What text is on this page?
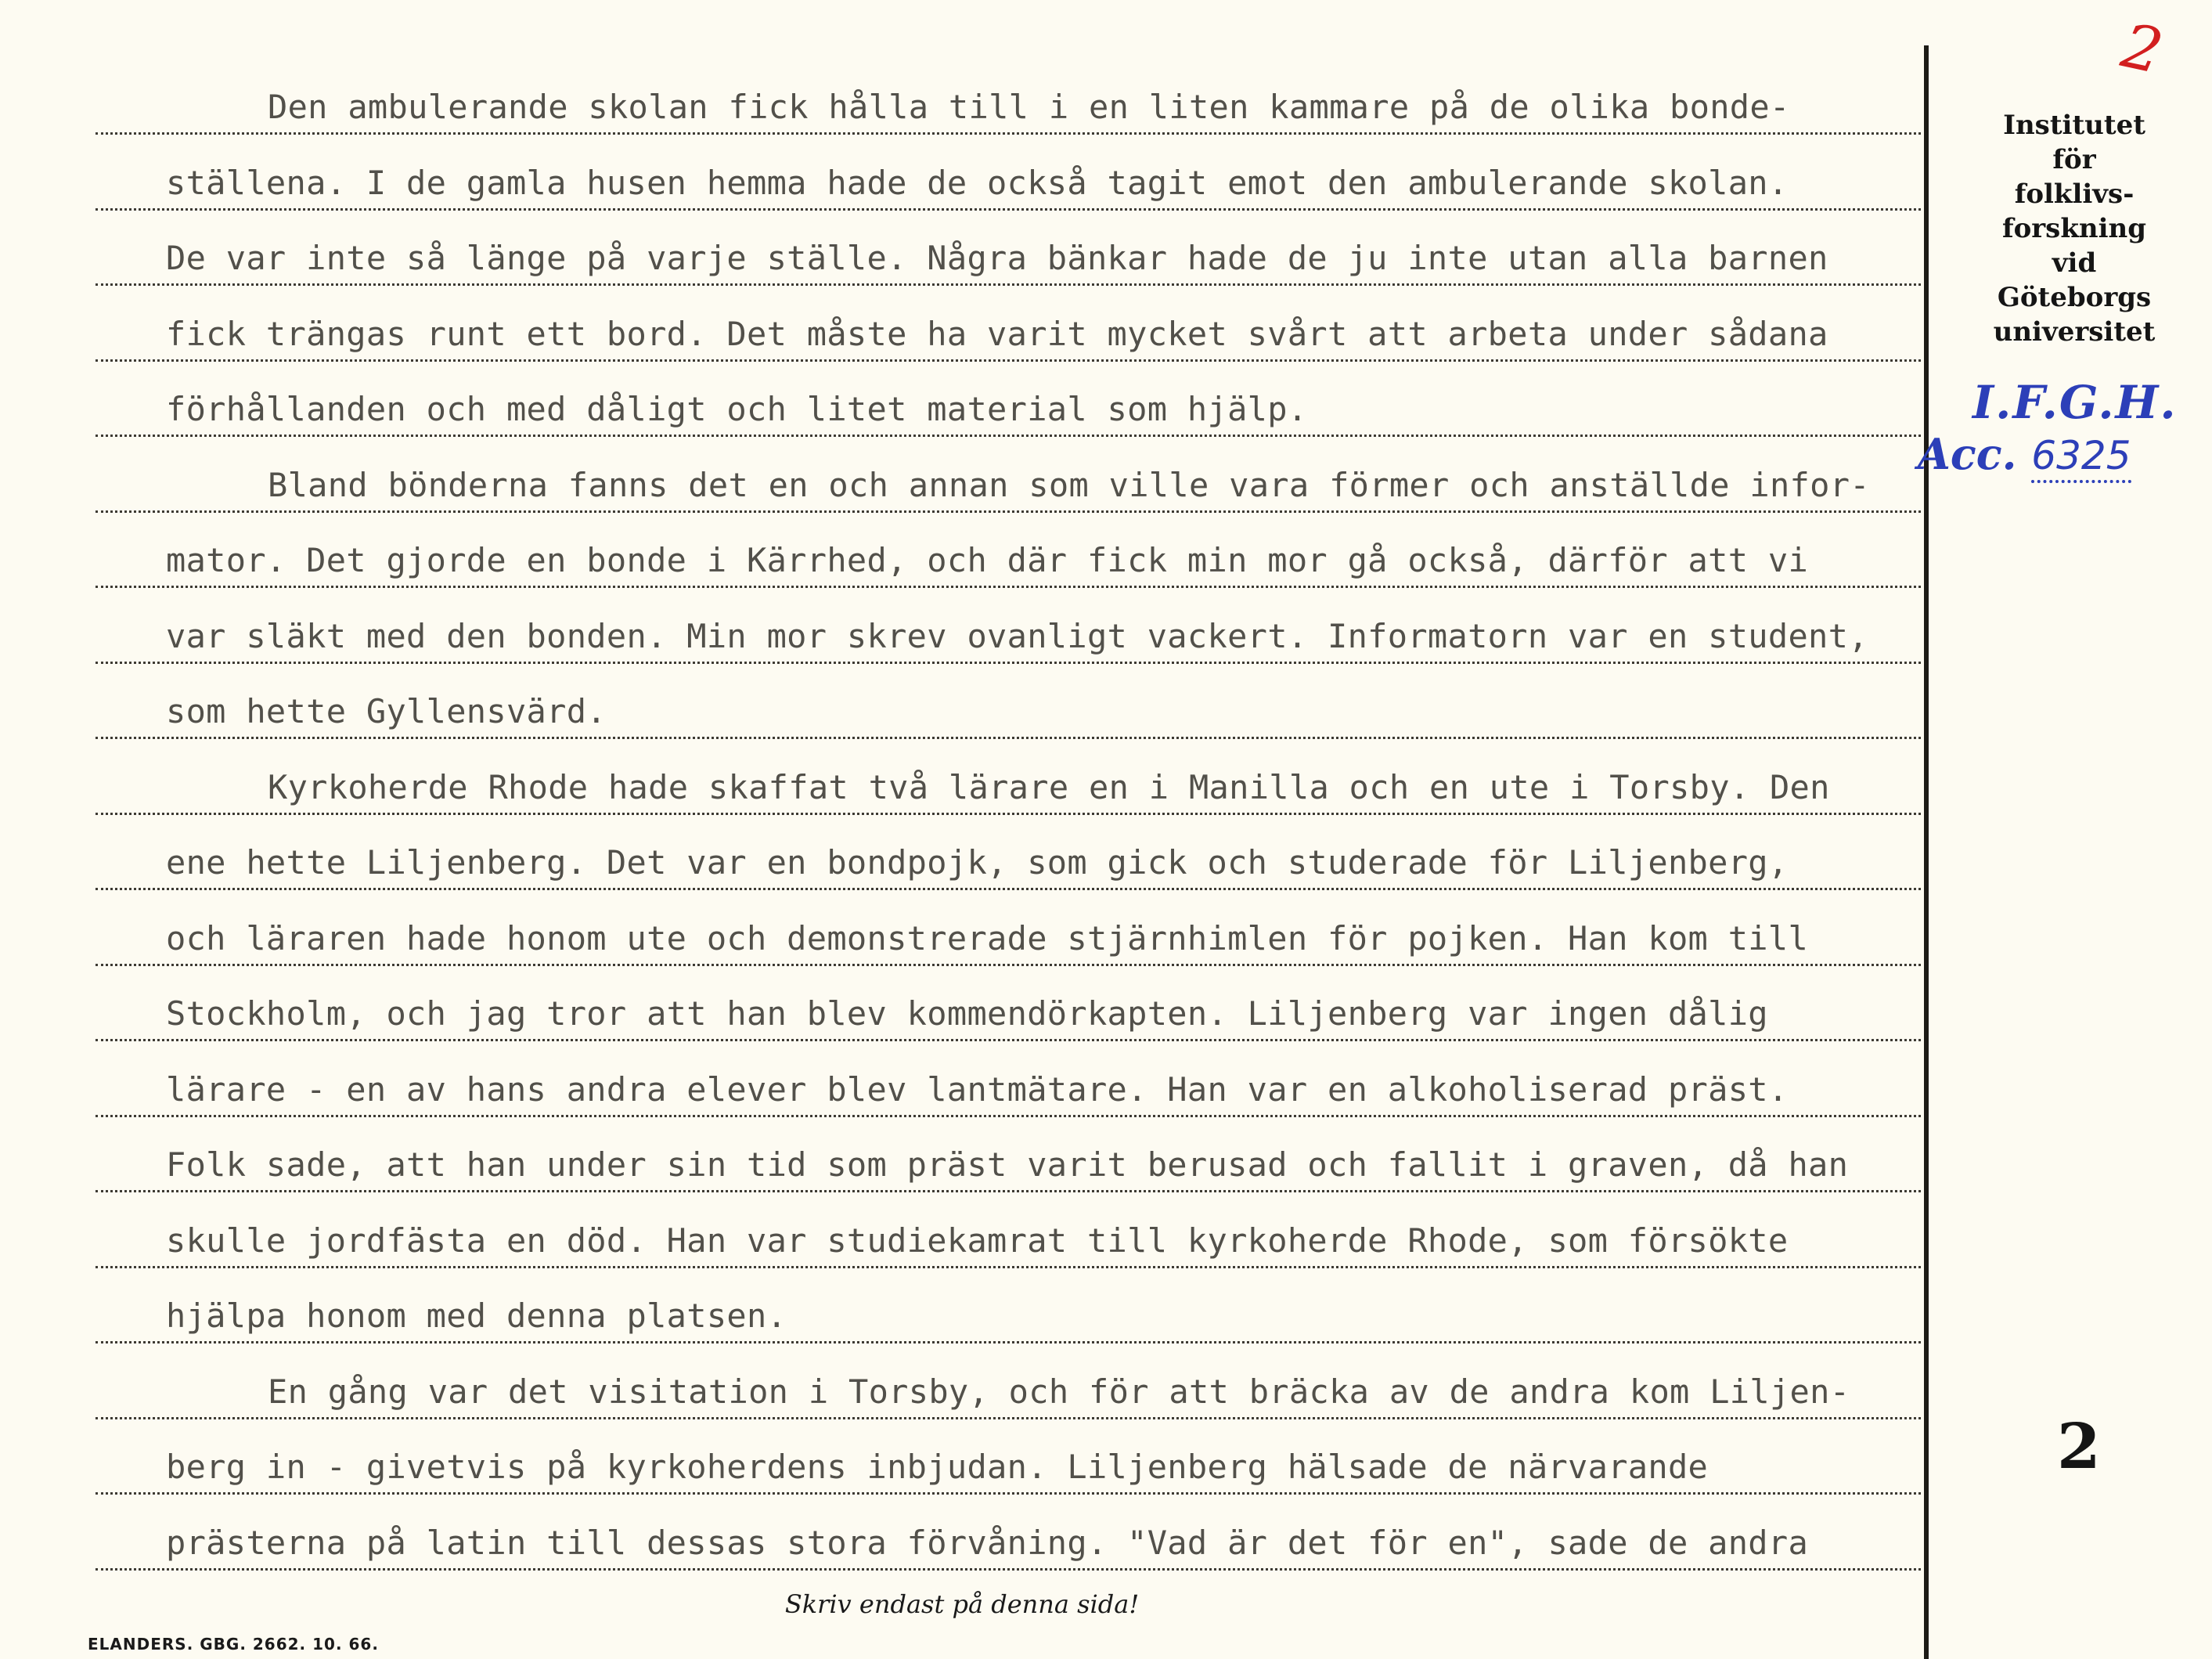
2
Den ambulerande skolan fick hålla till i en liten kammare på de olika bonde-
ställena. I de gamla husen hemma hade de också tagit emot den ambulerande skolan.
De var inte så länge på varje ställe. Några bänkar hade de ju inte utan alla barnen
fick trängas runt ett bord. Det måste ha varit mycket svårt att arbeta under sådana
förhållanden och med dåligt och litet material som hjälp.
Bland bönderna fanns det en och annan som ville vara förmer och anställde infor-
mator. Det gjorde en bonde i Kärrhed, och där fick min mor gå också, därför att vi
var släkt med den bonden. Min mor skrev ovanligt vackert. Informatorn var en student,
som hette Gyllensvärd.
Kyrkoherde Rhode hade skaffat två lärare en i Manilla och en ute i Torsby. Den
ene hette Liljenberg. Det var en bondpojk, som gick och studerade för Liljenberg,
och läraren hade honom ute och demonstrerade stjärnhimlen för pojken. Han kom till
Stockholm, och jag tror att han blev kommendörkapten. Liljenberg var ingen dålig
lärare - en av hans andra elever blev lantmätare. Han var en alkoholiserad präst.
Folk sade, att han under sin tid som präst varit berusad och fallit i graven, då han
skulle jordfästa en död. Han var studiekamrat till kyrkoherde Rhode, som försökte
hjälpa honom med denna platsen.
En gång var det visitation i Torsby, och för att bräcka av de andra kom Liljen-
berg in - givetvis på kyrkoherdens inbjudan. Liljenberg hälsade de närvarande
prästerna på latin till dessas stora förvåning. "Vad är det för en", sade de andra
Institutet
för
folklivs-
forskning
vid
Göteborgs
universitet
I.F.G.H.
Acc. 6325
2
Skriv endast på denna sida!
ELANDERS. GBG. 2662. 10. 66.
